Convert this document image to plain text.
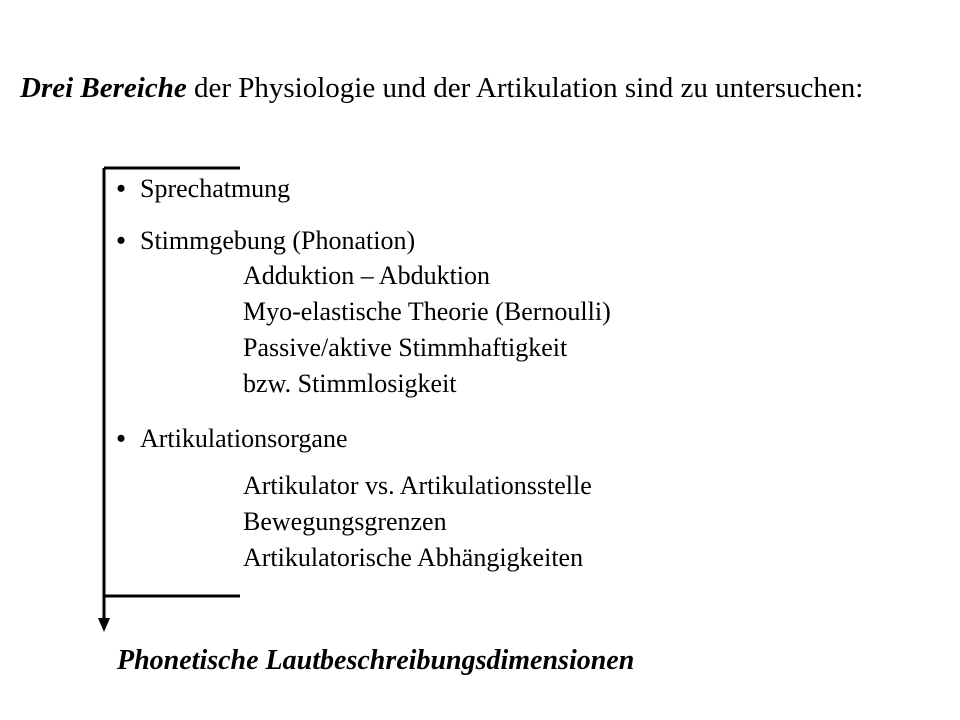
Drei Bereiche der Physiologie und der Artikulation sind zu untersuchen:
• Sprechatmung
• Stimmgebung (Phonation)
Adduktion – Abduktion
Myo-elastische Theorie (Bernoulli)
Passive/aktive Stimmhaftigkeit
bzw. Stimmlosigkeit
• Artikulationsorgane
Artikulator vs. Artikulationsstelle
Bewegungsgrenzen
Artikulatorische Abhängigkeiten
Phonetische Lautbeschreibungsdimensionen
